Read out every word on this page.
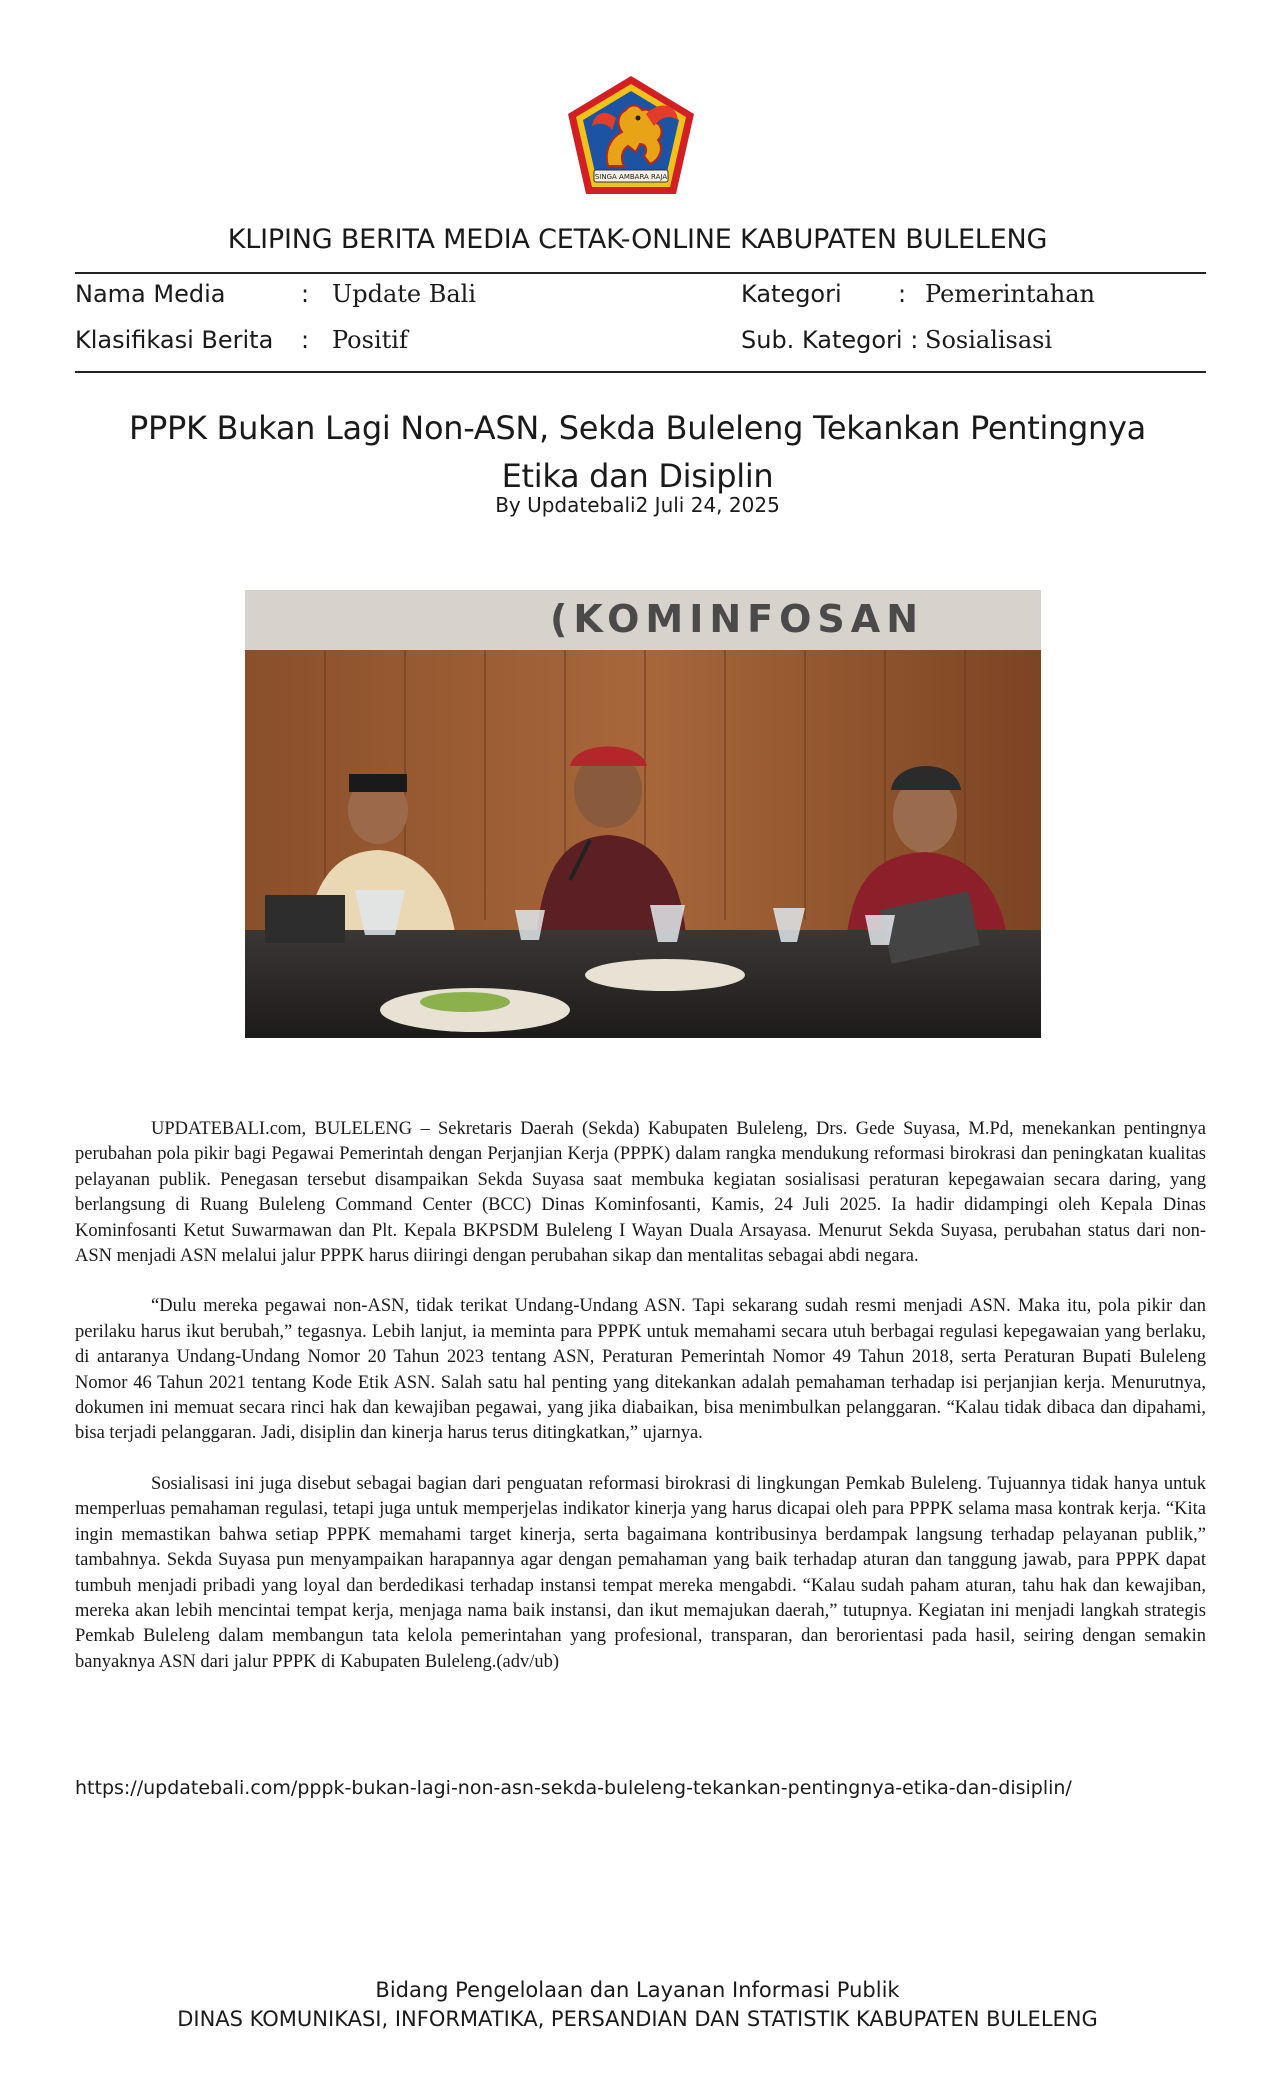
SINGA AMBARA RAJA
KLIPING BERITA MEDIA CETAK-ONLINE KABUPATEN BULELENG
Nama Media	: Update Bali	Kategori : Pemerintahan
Klasifikasi Berita : Positif	Sub. Kategori : Sosialisasi
PPPK Bukan Lagi Non-ASN, Sekda Buleleng Tekankan Pentingnya
Etika dan Disiplin
By Updatebali2 Juli 24, 2025
(KOMINFOSAN

UPDATEBALI.com, BULELENG – Sekretaris Daerah (Sekda) Kabupaten Buleleng, Drs. Gede Suyasa, M.Pd, menekankan pentingnya perubahan pola pikir bagi Pegawai Pemerintah dengan Perjanjian Kerja (PPPK) dalam rangka mendukung reformasi birokrasi dan peningkatan kualitas pelayanan publik. Penegasan tersebut disampaikan Sekda Suyasa saat membuka kegiatan sosialisasi peraturan kepegawaian secara daring, yang berlangsung di Ruang Buleleng Command Center (BCC) Dinas Kominfosanti, Kamis, 24 Juli 2025. Ia hadir didampingi oleh Kepala Dinas Kominfosanti Ketut Suwarmawan dan Plt. Kepala BKPSDM Buleleng I Wayan Duala Arsayasa. Menurut Sekda Suyasa, perubahan status dari non-ASN menjadi ASN melalui jalur PPPK harus diiringi dengan perubahan sikap dan mentalitas sebagai abdi negara.

“Dulu mereka pegawai non-ASN, tidak terikat Undang-Undang ASN. Tapi sekarang sudah resmi menjadi ASN. Maka itu, pola pikir dan perilaku harus ikut berubah,” tegasnya. Lebih lanjut, ia meminta para PPPK untuk memahami secara utuh berbagai regulasi kepegawaian yang berlaku, di antaranya Undang-Undang Nomor 20 Tahun 2023 tentang ASN, Peraturan Pemerintah Nomor 49 Tahun 2018, serta Peraturan Bupati Buleleng Nomor 46 Tahun 2021 tentang Kode Etik ASN. Salah satu hal penting yang ditekankan adalah pemahaman terhadap isi perjanjian kerja. Menurutnya, dokumen ini memuat secara rinci hak dan kewajiban pegawai, yang jika diabaikan, bisa menimbulkan pelanggaran. “Kalau tidak dibaca dan dipahami, bisa terjadi pelanggaran. Jadi, disiplin dan kinerja harus terus ditingkatkan,” ujarnya.

Sosialisasi ini juga disebut sebagai bagian dari penguatan reformasi birokrasi di lingkungan Pemkab Buleleng. Tujuannya tidak hanya untuk memperluas pemahaman regulasi, tetapi juga untuk memperjelas indikator kinerja yang harus dicapai oleh para PPPK selama masa kontrak kerja. “Kita ingin memastikan bahwa setiap PPPK memahami target kinerja, serta bagaimana kontribusinya berdampak langsung terhadap pelayanan publik,” tambahnya. Sekda Suyasa pun menyampaikan harapannya agar dengan pemahaman yang baik terhadap aturan dan tanggung jawab, para PPPK dapat tumbuh menjadi pribadi yang loyal dan berdedikasi terhadap instansi tempat mereka mengabdi. “Kalau sudah paham aturan, tahu hak dan kewajiban, mereka akan lebih mencintai tempat kerja, menjaga nama baik instansi, dan ikut memajukan daerah,” tutupnya. Kegiatan ini menjadi langkah strategis Pemkab Buleleng dalam membangun tata kelola pemerintahan yang profesional, transparan, dan berorientasi pada hasil, seiring dengan semakin banyaknya ASN dari jalur PPPK di Kabupaten Buleleng.(adv/ub)

https://updatebali.com/pppk-bukan-lagi-non-asn-sekda-buleleng-tekankan-pentingnya-etika-dan-disiplin/
Bidang Pengelolaan dan Layanan Informasi Publik
DINAS KOMUNIKASI, INFORMATIKA, PERSANDIAN DAN STATISTIK KABUPATEN BULELENG
